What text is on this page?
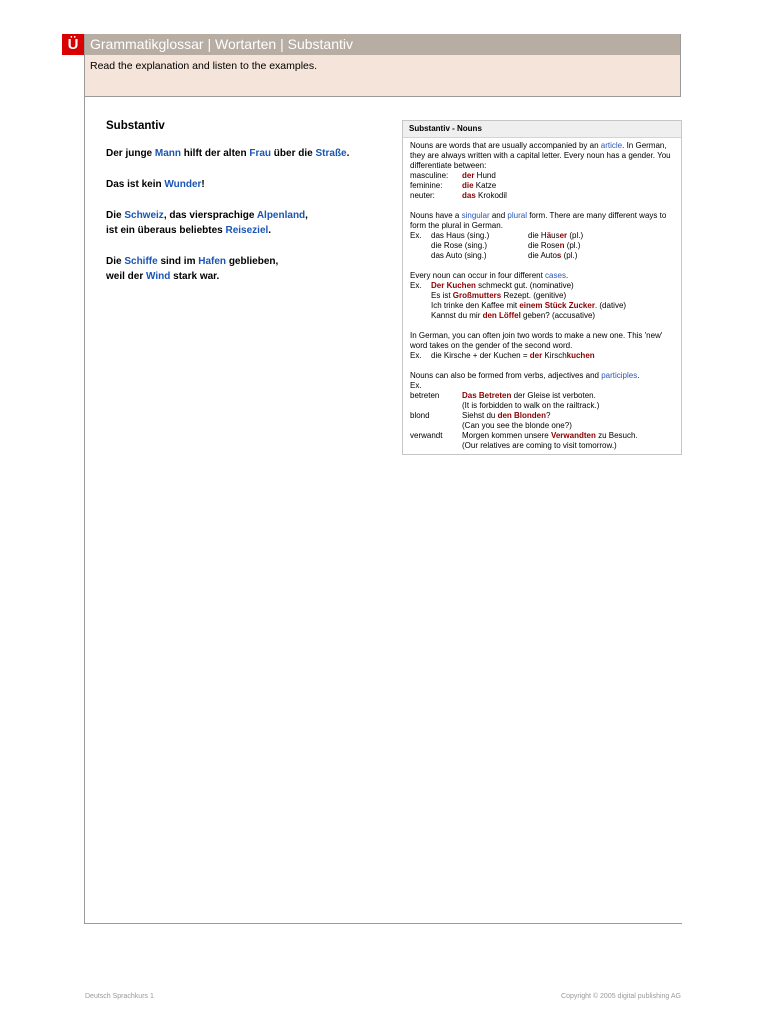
Ü Grammatikglossar | Wortarten | Substantiv
Read the explanation and listen to the examples.
Substantiv

Der junge Mann hilft der alten Frau über die Straße.

Das ist kein Wunder!

Die Schweiz, das viersprachige Alpenland,

ist ein überaus beliebtes Reiseziel.

Die Schiffe sind im Hafen geblieben,

weil der Wind stark war.

Substantiv - Nouns

Nouns are words that are usually accompanied by an article. In German, they are always written with a capital letter. Every noun has a gender. You differentiate between:

masculine:	der Hund
feminine:	die Katze
neuter:	das Krokodil

Nouns have a singular and plural form. There are many different ways to form the plural in German.

Ex.	das Haus (sing.)	die Häuser (pl.)
die Rose (sing.)	die Rosen (pl.)
das Auto (sing.)	die Autos (pl.)

Every noun can occur in four different cases.

Ex.	Der Kuchen schmeckt gut. (nominative)
Es ist Großmutters Rezept. (genitive)
Ich trinke den Kaffee mit einem Stück Zucker. (dative)
Kannst du mir den Löffel geben? (accusative)

In German, you can often join two words to make a new one. This 'new' word takes on the gender of the second word.

Ex.	die Kirsche + der Kuchen = der Kirschkuchen

Nouns can also be formed from verbs, adjectives and participles.

Ex.

betreten	Das Betreten der Gleise ist verboten.
(It is forbidden to walk on the railtrack.)
blond	Siehst du den Blonden?
(Can you see the blonde one?)
verwandt	Morgen kommen unsere Verwandten zu Besuch.
(Our relatives are coming to visit tomorrow.)
Deutsch Sprachkurs 1	Copyright © 2005 digital publishing AG
